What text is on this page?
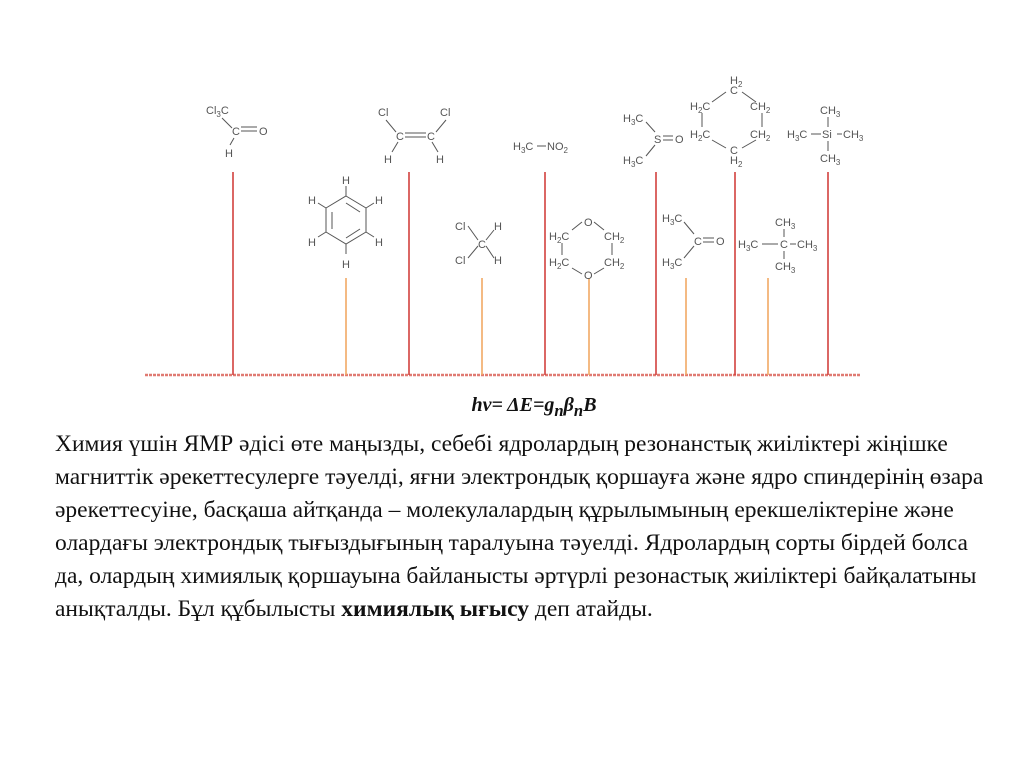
$Cl_3C$
C O
H
H
H
H
H
H
H
Cl	Cl
C C
H	H
Cl
Cl
C
H
H
$H_3C$ $NO_2$
O
$H_2C$	$CH_2$
$H_2C$	$CH_2$
O
$H_3C$
$H_3C$
S O
$H_2$
C
$H_2C$	$CH_2$
$H_2C$	$CH_2$
C
$H_2$
$H_3C$
$H_3C$
C O
$CH_3$
$H_3C$ C $CH_3$
$CH_3$
$CH_3$
$H_3C$ Si $CH_3$
$CH_3$
$h\nu= \Delta E=g_n\beta_nB$

Химия үшін ЯМР әдісі өте маңызды, себебі ядролардың резонанстық жиіліктері жіңішке магниттік әрекеттесулерге тәуелді, яғни электрондық қоршауға және ядро спиндерінің өзара әрекеттесуіне, басқаша айтқанда – молекулалардың құрылымының ерекшеліктеріне және олардағы электрондық тығыздығының таралуына тәуелді. Ядролардың сорты бірдей болса да, олардың химиялық қоршауына байланысты әртүрлі резонастық жиіліктері байқалатыны анықталды. Бұл құбылысты химиялық ығысу деп атайды.
